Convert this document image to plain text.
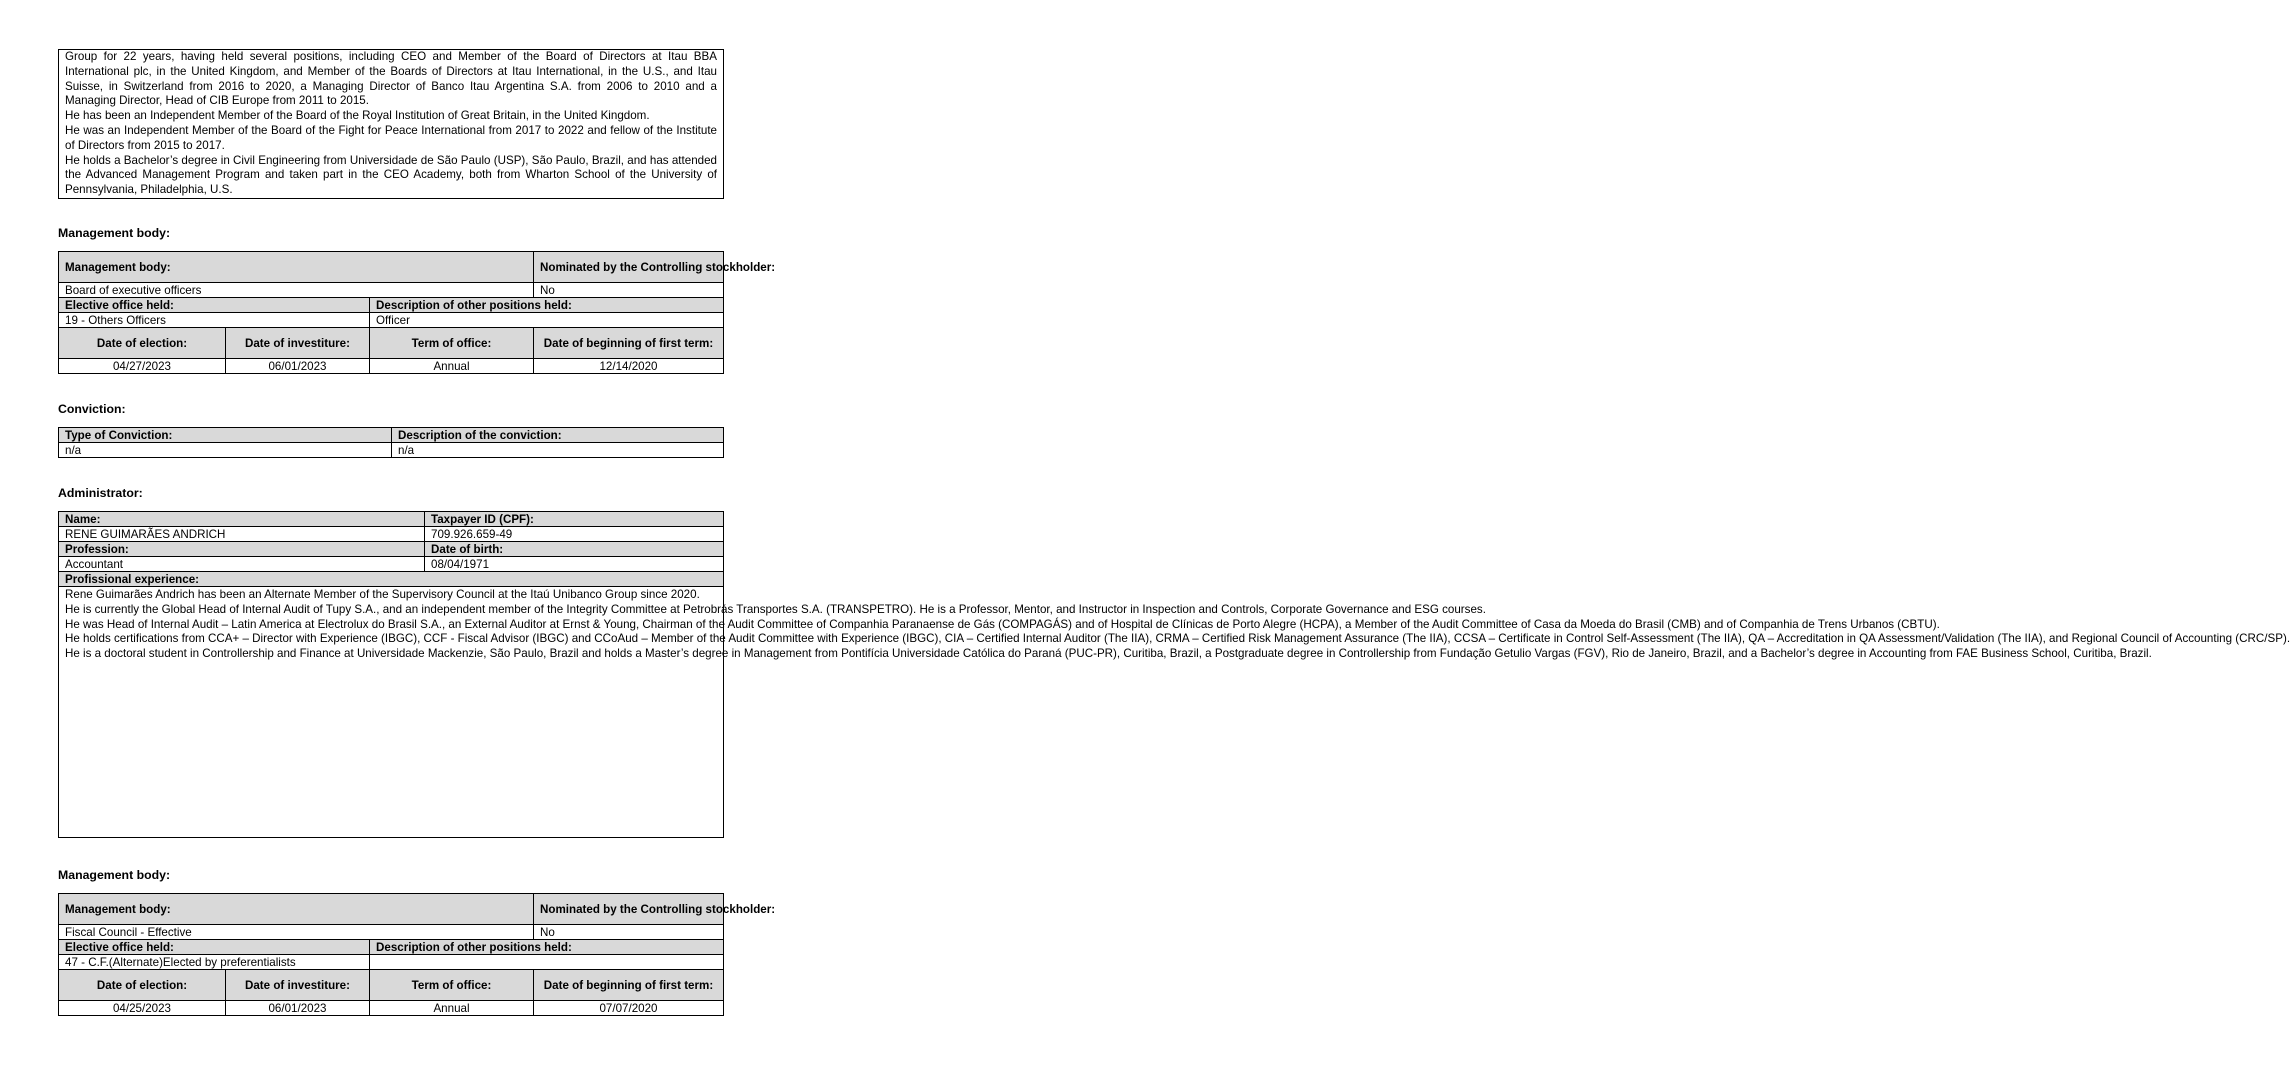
Group for 22 years, having held several positions, including CEO and Member of the Board of Directors at Itau BBA International plc, in the United Kingdom, and Member of the Boards of Directors at Itau International, in the U.S., and Itau Suisse, in Switzerland from 2016 to 2020, a Managing Director of Banco Itau Argentina S.A. from 2006 to 2010 and a Managing Director, Head of CIB Europe from 2011 to 2015.

He has been an Independent Member of the Board of the Royal Institution of Great Britain, in the United Kingdom.

He was an Independent Member of the Board of the Fight for Peace International from 2017 to 2022 and fellow of the Institute of Directors from 2015 to 2017.

He holds a Bachelor’s degree in Civil Engineering from Universidade de São Paulo (USP), São Paulo, Brazil, and has attended the Advanced Management Program and taken part in the CEO Academy, both from Wharton School of the University of Pennsylvania, Philadelphia, U.S.

Management body:
Management body:			Nominated by the Controlling stockholder:
Board of executive officers			No
Elective office held:		Description of other positions held:	
19 - Others Officers		Officer	
Date of election:	Date of investiture:	Term of office:	Date of beginning of first term:
04/27/2023	06/01/2023	Annual	12/14/2020
Conviction:
Type of Conviction:	Description of the conviction:
n/a	n/a
Administrator:
Name:	Taxpayer ID (CPF):
RENE GUIMARÃES ANDRICH	709.926.659-49
Profession:	Date of birth:
Accountant	08/04/1971
Profissional experience:	

Rene Guimarães Andrich has been an Alternate Member of the Supervisory Council at the Itaú Unibanco Group since 2020.

He is currently the Global Head of Internal Audit of Tupy S.A., and an independent member of the Integrity Committee at Petrobrás Transportes S.A. (TRANSPETRO). He is a Professor, Mentor, and Instructor in Inspection and Controls, Corporate Governance and ESG courses.

He was Head of Internal Audit – Latin America at Electrolux do Brasil S.A., an External Auditor at Ernst & Young, Chairman of the Audit Committee of Companhia Paranaense de Gás (COMPAGÁS) and of Hospital de Clínicas de Porto Alegre (HCPA), a Member of the Audit Committee of Casa da Moeda do Brasil (CMB) and of Companhia de Trens Urbanos (CBTU).

He holds certifications from CCA+ – Director with Experience (IBGC), CCF - Fiscal Advisor (IBGC) and CCoAud – Member of the Audit Committee with Experience (IBGC), CIA – Certified Internal Auditor (The IIA), CRMA – Certified Risk Management Assurance (The IIA), CCSA – Certificate in Control Self-Assessment (The IIA), QA – Accreditation in QA Assessment/Validation (The IIA), and Regional Council of Accounting (CRC/SP).

He is a doctoral student in Controllership and Finance at Universidade Mackenzie, São Paulo, Brazil and holds a Master’s degree in Management from Pontifícia Universidade Católica do Paraná (PUC-PR), Curitiba, Brazil, a Postgraduate degree in Controllership from Fundação Getulio Vargas (FGV), Rio de Janeiro, Brazil, and a Bachelor’s degree in Accounting from FAE Business School, Curitiba, Brazil.	

Management body:
Management body:			Nominated by the Controlling stockholder:
Fiscal Council - Effective			No
Elective office held:		Description of other positions held:	
47 - C.F.(Alternate)Elected by preferentialists			
Date of election:	Date of investiture:	Term of office:	Date of beginning of first term:
04/25/2023	06/01/2023	Annual	07/07/2020
